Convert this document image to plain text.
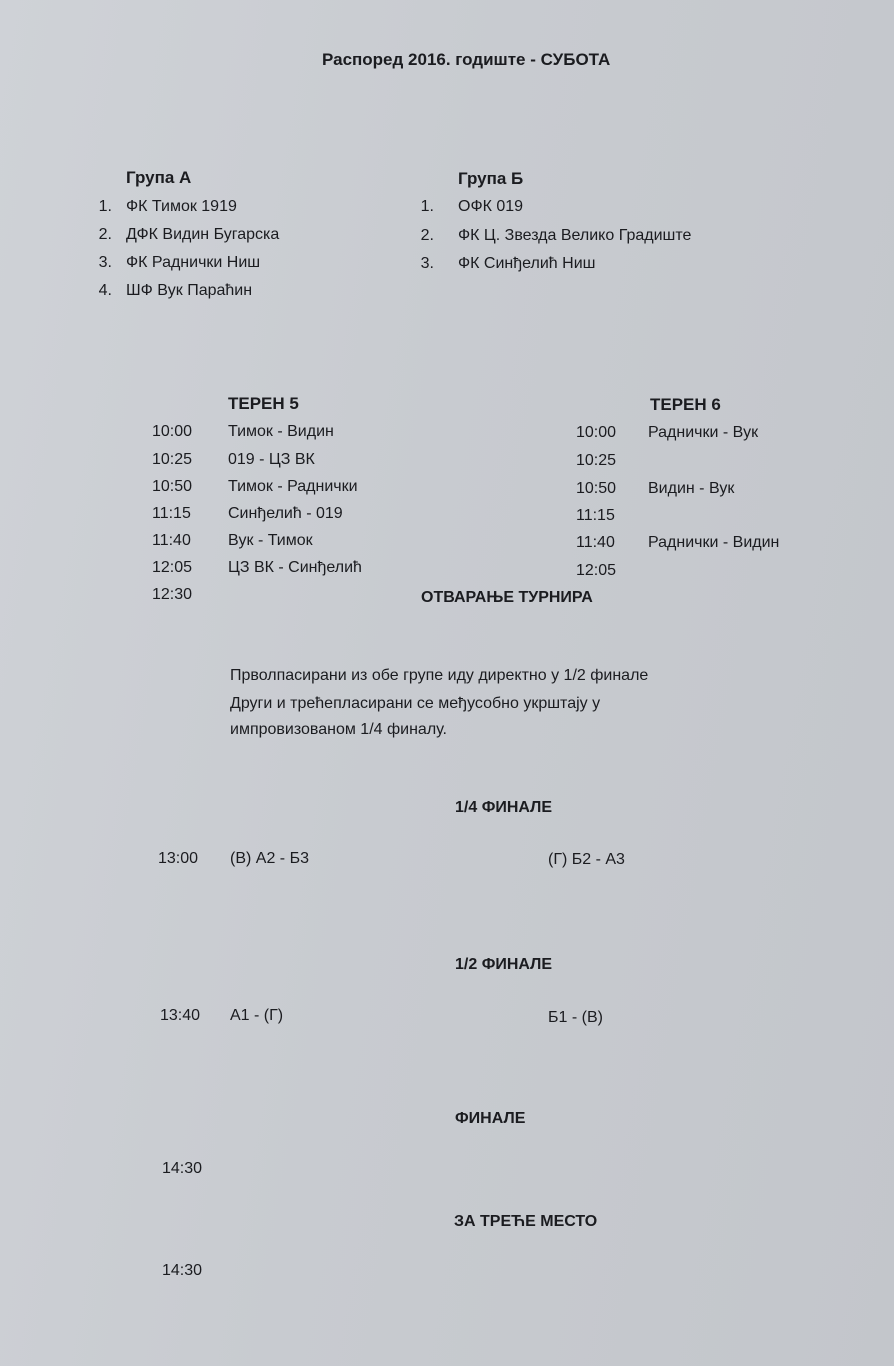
Распоред 2016. годиште - СУБОТА
Група А
1. ФК Тимок 1919
2. ДФК Видин Бугарска
3. ФК Раднички Ниш
4. ШФ Вук Параћин
Група Б
1. ОФК 019
2. ФК Ц. Звезда Велико Градиште
3. ФК Синђелић Ниш
ТЕРЕН 5
10:00 Тимок - Видин
10:25 019 - ЦЗ ВК
10:50 Тимок - Раднички
11:15 Синђелић - 019
11:40 Вук - Тимок
12:05 ЦЗ ВК - Синђелић
12:30
ТЕРЕН 6
10:00 Раднички - Вук
10:25
10:50 Видин - Вук
11:15
11:40 Раднички - Видин
12:05
ОТВАРАЊЕ ТУРНИРА
Прволпасирани из обе групе иду директно у 1/2 финале
Други и трећепласирани се међусобно укрштају у
импровизованом 1/4 финалу.
1/4 ФИНАЛЕ
13:00 (В) А2 - Б3	(Г) Б2 - А3
1/2 ФИНАЛЕ
13:40 А1 - (Г)	Б1 - (В)
ФИНАЛЕ
14:30
ЗА ТРЕЋЕ МЕСТО
14:30
